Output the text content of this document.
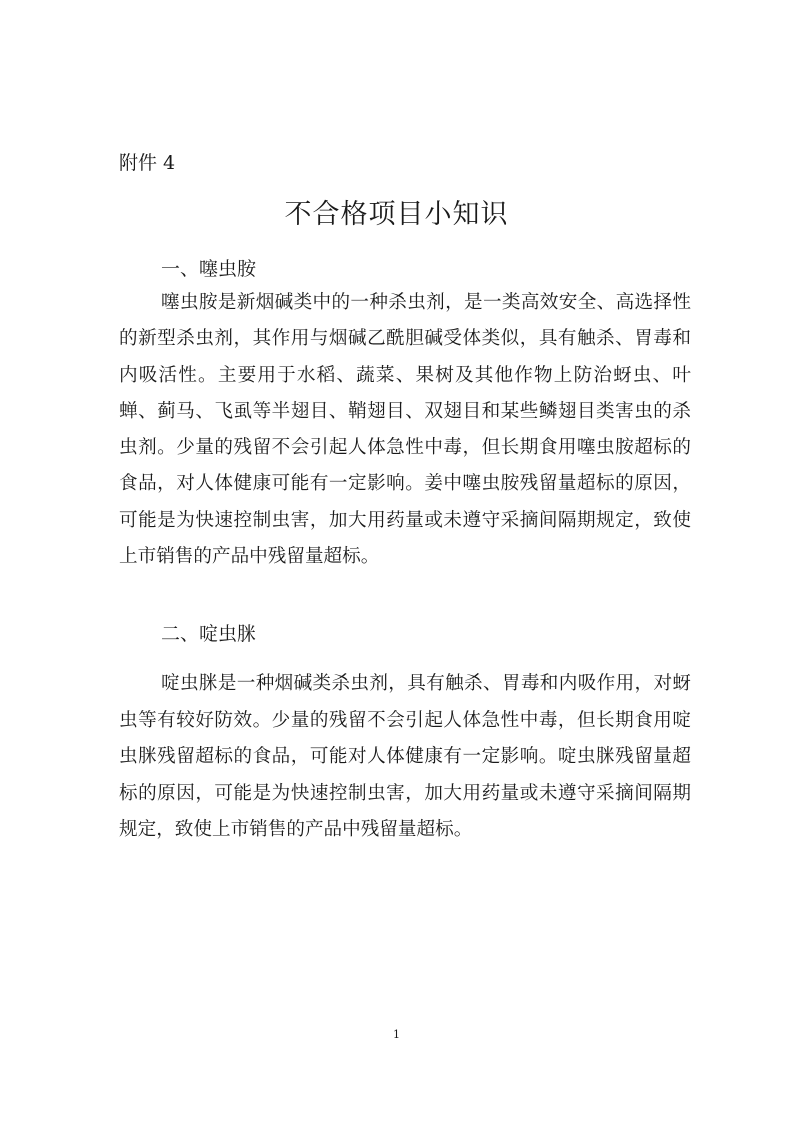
附件 4
不合格项目小知识
一、噻虫胺

噻虫胺是新烟碱类中的一种杀虫剂，是一类高效安全、高选择性的新型杀虫剂，其作用与烟碱乙酰胆碱受体类似，具有触杀、胃毒和内吸活性。主要用于水稻、蔬菜、果树及其他作物上防治蚜虫、叶蝉、蓟马、飞虱等半翅目、鞘翅目、双翅目和某些鳞翅目类害虫的杀虫剂。少量的残留不会引起人体急性中毒，但长期食用噻虫胺超标的食品，对人体健康可能有一定影响。姜中噻虫胺残留量超标的原因，可能是为快速控制虫害，加大用药量或未遵守采摘间隔期规定，致使上市销售的产品中残留量超标。

二、啶虫脒

啶虫脒是一种烟碱类杀虫剂，具有触杀、胃毒和内吸作用，对蚜虫等有较好防效。少量的残留不会引起人体急性中毒，但长期食用啶虫脒残留超标的食品，可能对人体健康有一定影响。啶虫脒残留量超标的原因，可能是为快速控制虫害，加大用药量或未遵守采摘间隔期规定，致使上市销售的产品中残留量超标。

1
